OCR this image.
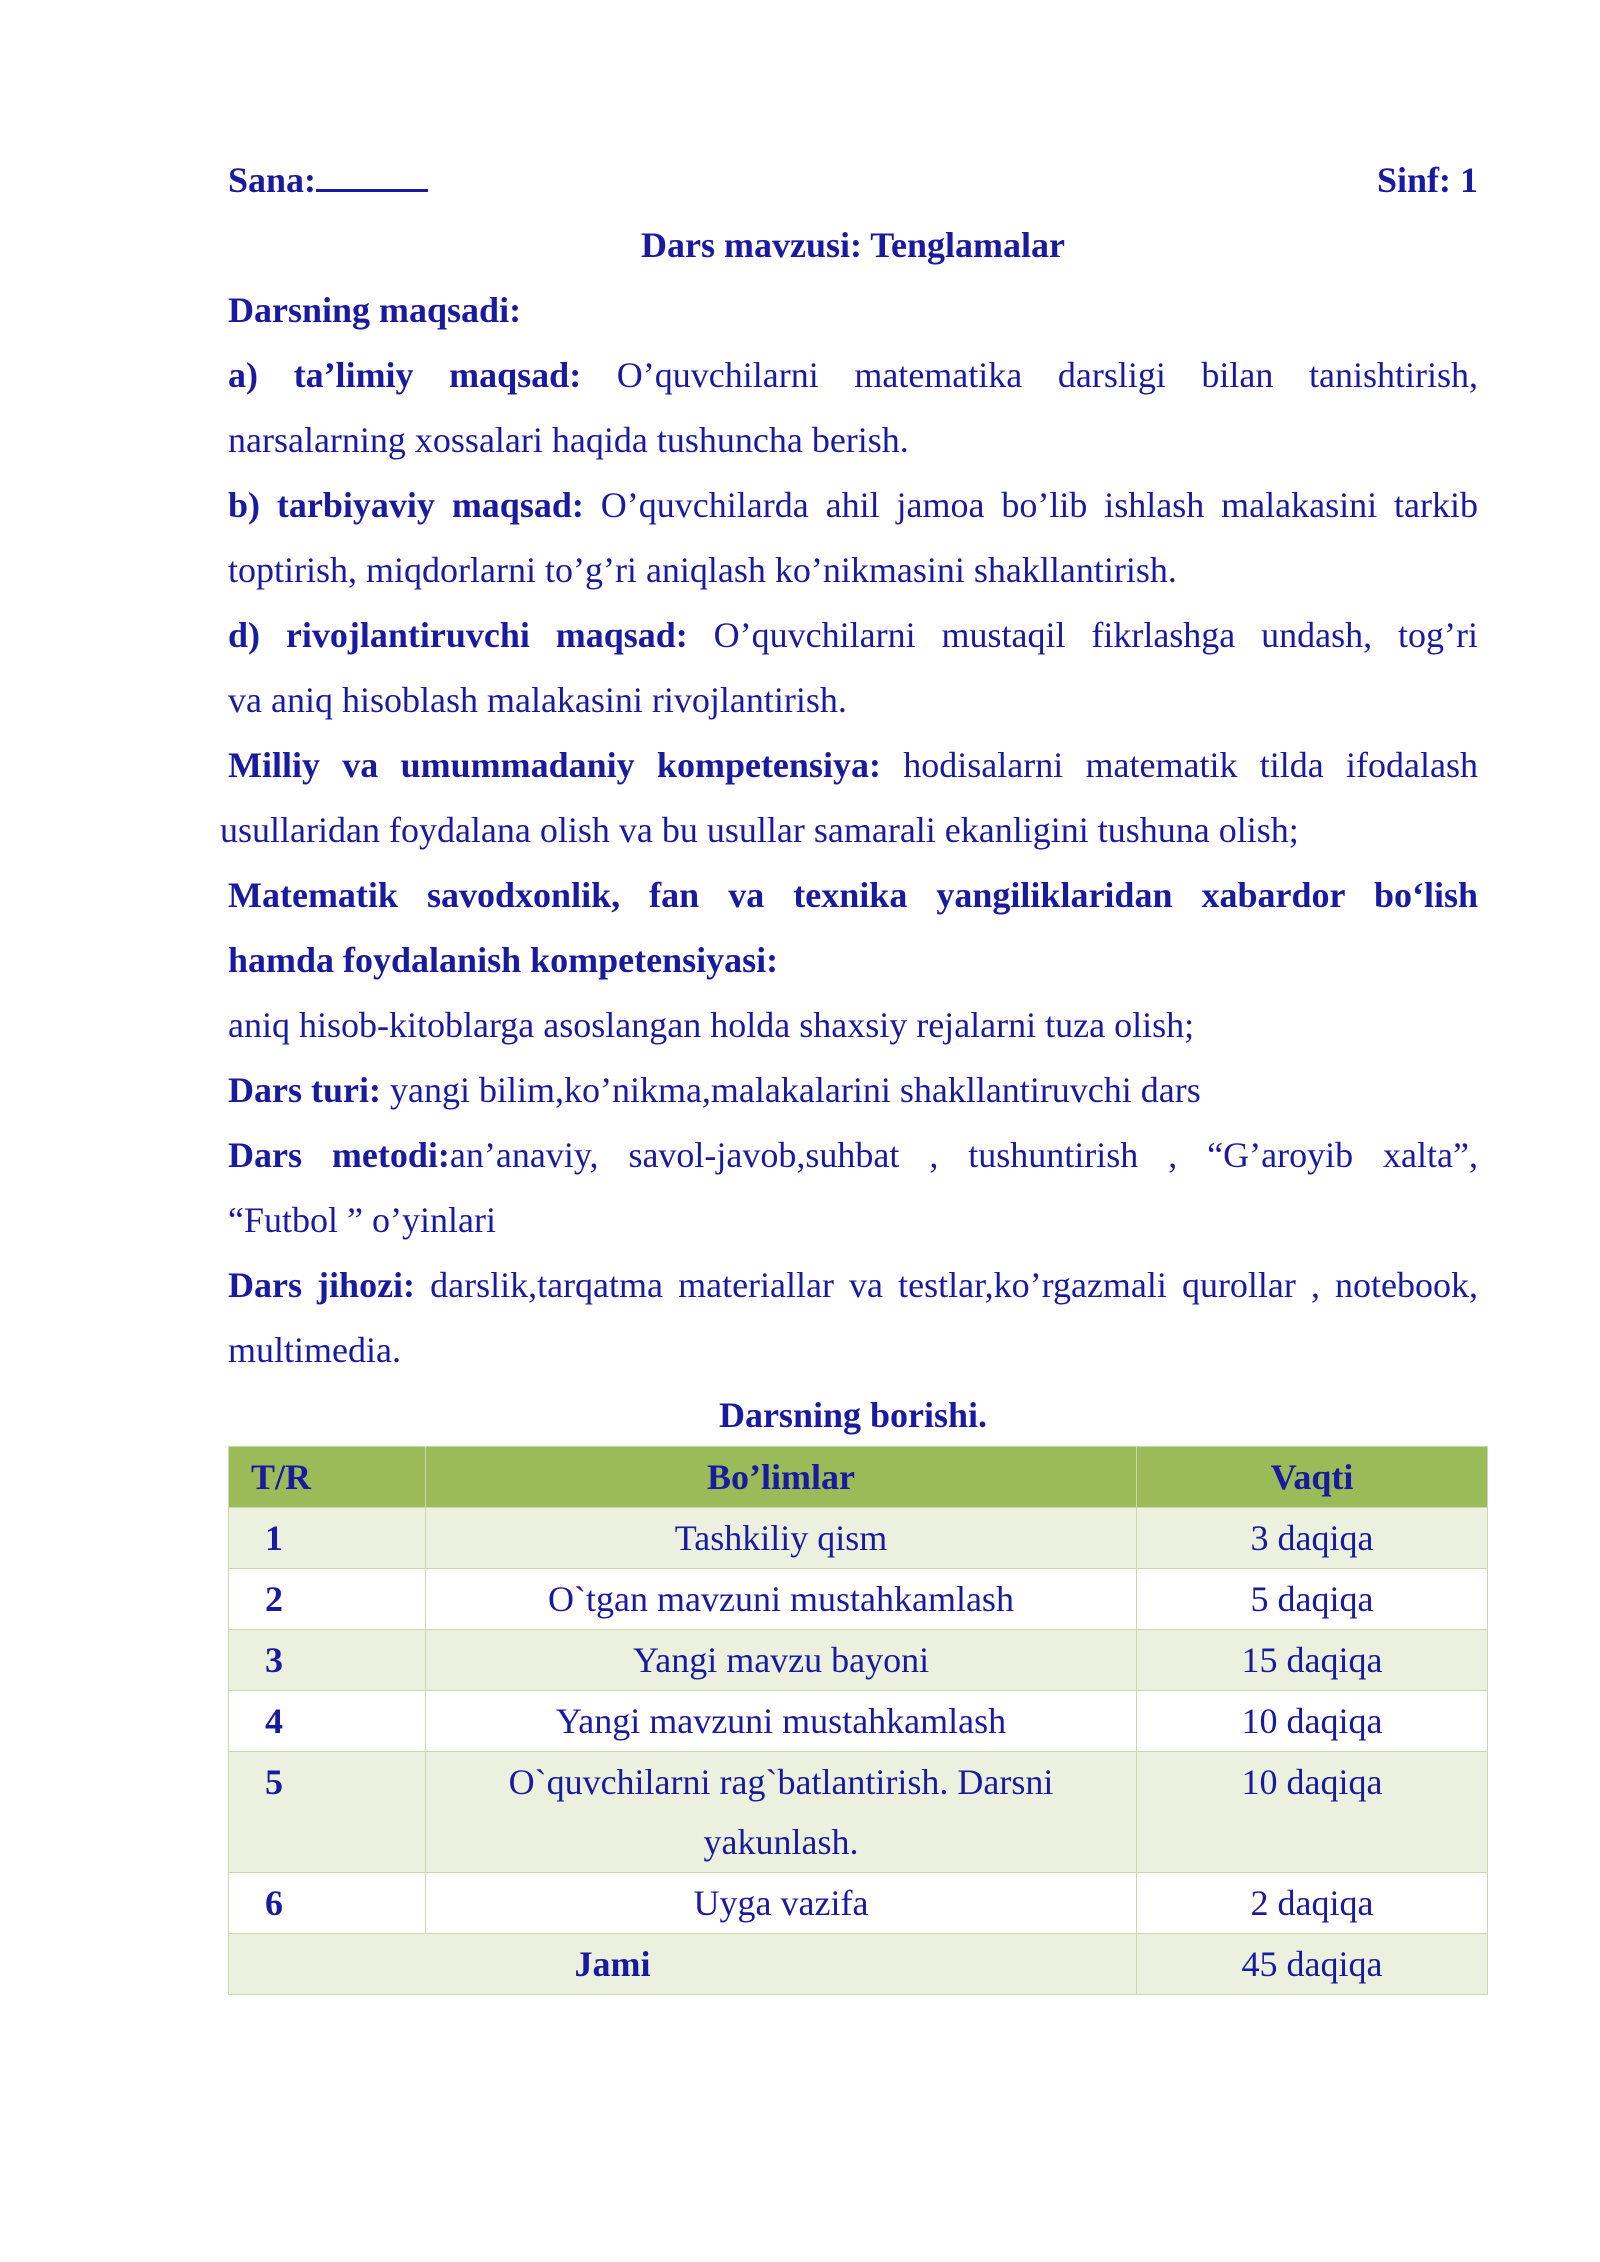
Sana:	Sinf: 1
Dars mavzusi: Tenglamalar
Darsning maqsadi:
a) ta’limiy maqsad: O’quvchilarni matematika darsligi bilan tanishtirish,
narsalarning xossalari haqida tushuncha berish.
b) tarbiyaviy maqsad: O’quvchilarda ahil jamoa bo’lib ishlash malakasini tarkib
toptirish, miqdorlarni to’g’ri aniqlash ko’nikmasini shakllantirish.
d) rivojlantiruvchi maqsad: O’quvchilarni mustaqil fikrlashga undash, tog’ri
va aniq hisoblash malakasini rivojlantirish.
Milliy va umummadaniy kompetensiya: hodisalarni matematik tilda ifodalash
usullaridan foydalana olish va bu usullar samarali ekanligini tushuna olish;
Matematik savodxonlik, fan va texnika yangiliklaridan xabardor bo‘lish
hamda foydalanish kompetensiyasi:
aniq hisob-kitoblarga asoslangan holda shaxsiy rejalarni tuza olish;
Dars turi: yangi bilim,ko’nikma,malakalarini shakllantiruvchi dars
Dars metodi:an’anaviy, savol-javob,suhbat , tushuntirish , “G’aroyib xalta”,
“Futbol ” o’yinlari
Dars jihozi: darslik,tarqatma materiallar va testlar,ko’rgazmali qurollar , notebook,
multimedia.
Darsning borishi.
T/R	Bo’limlar	Vaqti
1	Tashkiliy qism	3 daqiqa
2	O`tgan mavzuni mustahkamlash	5 daqiqa
3	Yangi mavzu bayoni	15 daqiqa
4	Yangi mavzuni mustahkamlash	10 daqiqa
5	O`quvchilarni rag`batlantirish. Darsni yakunlash.	10 daqiqa
6	Uyga vazifa	2 daqiqa
Jami		45 daqiqa
